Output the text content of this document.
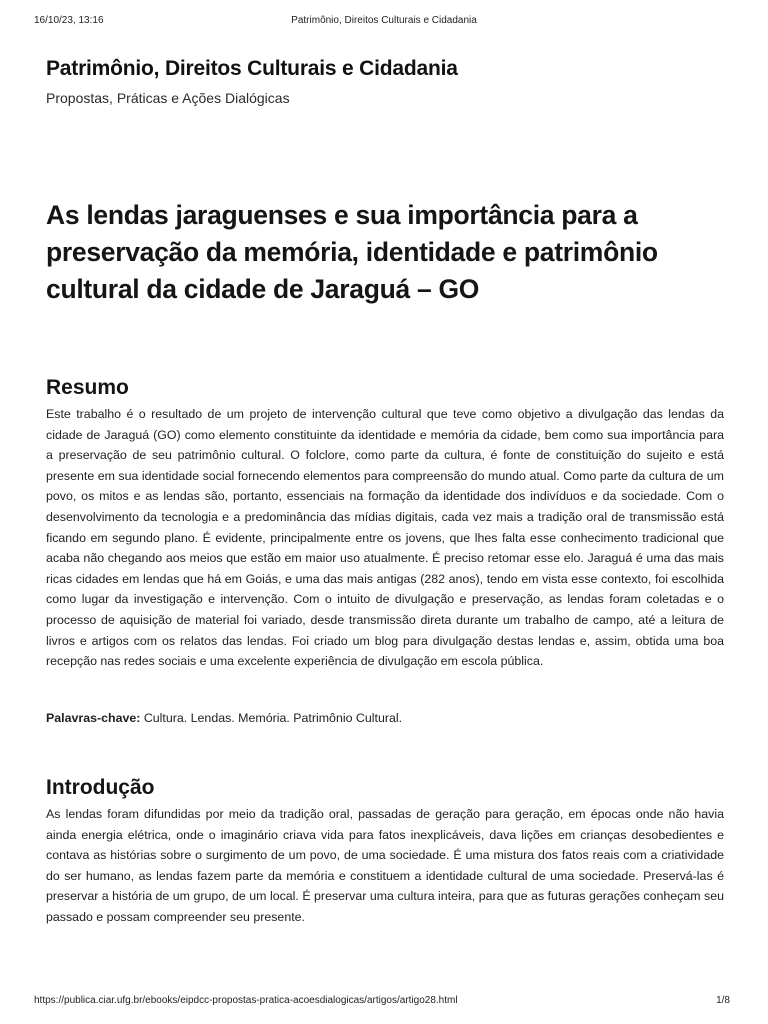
16/10/23, 13:16	Patrimônio, Direitos Culturais e Cidadania
Patrimônio, Direitos Culturais e Cidadania

Propostas, Práticas e Ações Dialógicas

As lendas jaraguenses e sua importância para a preservação da memória, identidade e patrimônio cultural da cidade de Jaraguá – GO
Resumo

Este trabalho é o resultado de um projeto de intervenção cultural que teve como objetivo a divulgação das lendas da cidade de Jaraguá (GO) como elemento constituinte da identidade e memória da cidade, bem como sua importância para a preservação de seu patrimônio cultural. O folclore, como parte da cultura, é fonte de constituição do sujeito e está presente em sua identidade social fornecendo elementos para compreensão do mundo atual. Como parte da cultura de um povo, os mitos e as lendas são, portanto, essenciais na formação da identidade dos indivíduos e da sociedade. Com o desenvolvimento da tecnologia e a predominância das mídias digitais, cada vez mais a tradição oral de transmissão está ficando em segundo plano. É evidente, principalmente entre os jovens, que lhes falta esse conhecimento tradicional que acaba não chegando aos meios que estão em maior uso atualmente. É preciso retomar esse elo. Jaraguá é uma das mais ricas cidades em lendas que há em Goiás, e uma das mais antigas (282 anos), tendo em vista esse contexto, foi escolhida como lugar da investigação e intervenção. Com o intuito de divulgação e preservação, as lendas foram coletadas e o processo de aquisição de material foi variado, desde transmissão direta durante um trabalho de campo, até a leitura de livros e artigos com os relatos das lendas. Foi criado um blog para divulgação destas lendas e, assim, obtida uma boa recepção nas redes sociais e uma excelente experiência de divulgação em escola pública.

Palavras-chave: Cultura. Lendas. Memória. Patrimônio Cultural.

Introdução

As lendas foram difundidas por meio da tradição oral, passadas de geração para geração, em épocas onde não havia ainda energia elétrica, onde o imaginário criava vida para fatos inexplicáveis, dava lições em crianças desobedientes e contava as histórias sobre o surgimento de um povo, de uma sociedade. É uma mistura dos fatos reais com a criatividade do ser humano, as lendas fazem parte da memória e constituem a identidade cultural de uma sociedade. Preservá-las é preservar a história de um grupo, de um local. É preservar uma cultura inteira, para que as futuras gerações conheçam seu passado e possam compreender seu presente.

https://publica.ciar.ufg.br/ebooks/eipdcc-propostas-pratica-acoesdialogicas/artigos/artigo28.html	1/8
